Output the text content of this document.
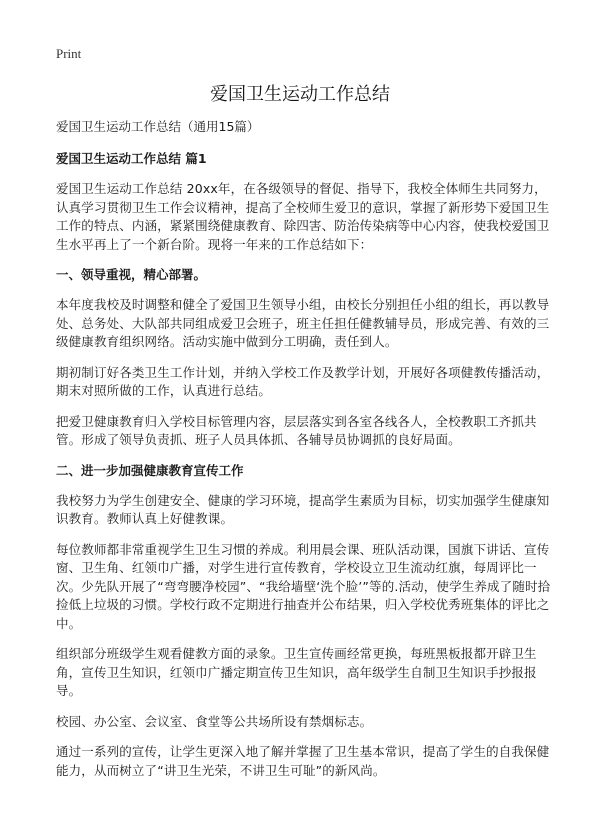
Print
爱国卫生运动工作总结

爱国卫生运动工作总结（通用15篇）

爱国卫生运动工作总结 篇1

爱国卫生运动工作总结 20xx年，在各级领导的督促、指导下，我校全体师生共同努力，认真学习贯彻卫生工作会议精神，提高了全校师生爱卫的意识，掌握了新形势下爱国卫生工作的特点、内涵，紧紧围绕健康教育、除四害、防治传染病等中心内容，使我校爱国卫生水平再上了一个新台阶。现将一年来的工作总结如下：

一、领导重视，精心部署。

本年度我校及时调整和健全了爱国卫生领导小组，由校长分别担任小组的组长，再以教导处、总务处、大队部共同组成爱卫会班子，班主任担任健教辅导员，形成完善、有效的三级健康教育组织网络。活动实施中做到分工明确，责任到人。

期初制订好各类卫生工作计划，并纳入学校工作及教学计划，开展好各项健教传播活动，期末对照所做的工作，认真进行总结。

把爱卫健康教育归入学校目标管理内容，层层落实到各室各线各人，全校教职工齐抓共管。形成了领导负责抓、班子人员具体抓、各辅导员协调抓的良好局面。

二、进一步加强健康教育宣传工作

我校努力为学生创建安全、健康的学习环境，提高学生素质为目标，切实加强学生健康知识教育。教师认真上好健教课。

每位教师都非常重视学生卫生习惯的养成。利用晨会课、班队活动课，国旗下讲话、宣传窗、卫生角、红领巾广播，对学生进行宣传教育，学校设立卫生流动红旗，每周评比一次。少先队开展了“弯弯腰净校园”、“我给墙壁‘洗个脸’”等的.活动，使学生养成了随时拾捡低上垃圾的习惯。学校行政不定期进行抽查并公布结果，归入学校优秀班集体的评比之中。

组织部分班级学生观看健教方面的录象。卫生宣传画经常更换，每班黑板报都开辟卫生角，宣传卫生知识，红领巾广播定期宣传卫生知识，高年级学生自制卫生知识手抄报报导。

校园、办公室、会议室、食堂等公共场所设有禁烟标志。

通过一系列的宣传，让学生更深入地了解并掌握了卫生基本常识，提高了学生的自我保健能力，从而树立了“讲卫生光荣，不讲卫生可耻”的新风尚。
